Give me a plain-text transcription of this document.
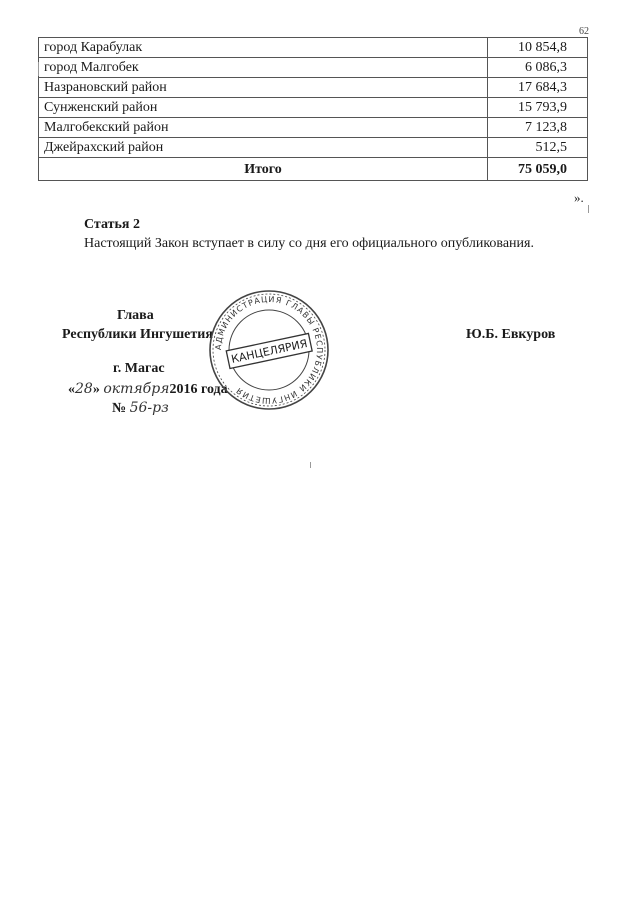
62
город Карабулак	10 854,8
город Малгобек	6 086,3
Назрановский район	17 684,3
Сунженский район	15 793,9
Малгобекский район	7 123,8
Джейрахский район	512,5
Итого	75 059,0
».
Статья 2
Настоящий Закон вступает в силу со дня его официального опубликования.
Глава
Республики Ингушетия	Ю.Б. Евкуров
г. Магас
«28» октября2016 года
№ 56-рз
АДМИНИСТРАЦИЯ ГЛАВЫ РЕСПУБЛИКИ ИНГУШЕТИЯ
КАНЦЕЛЯРИЯ
